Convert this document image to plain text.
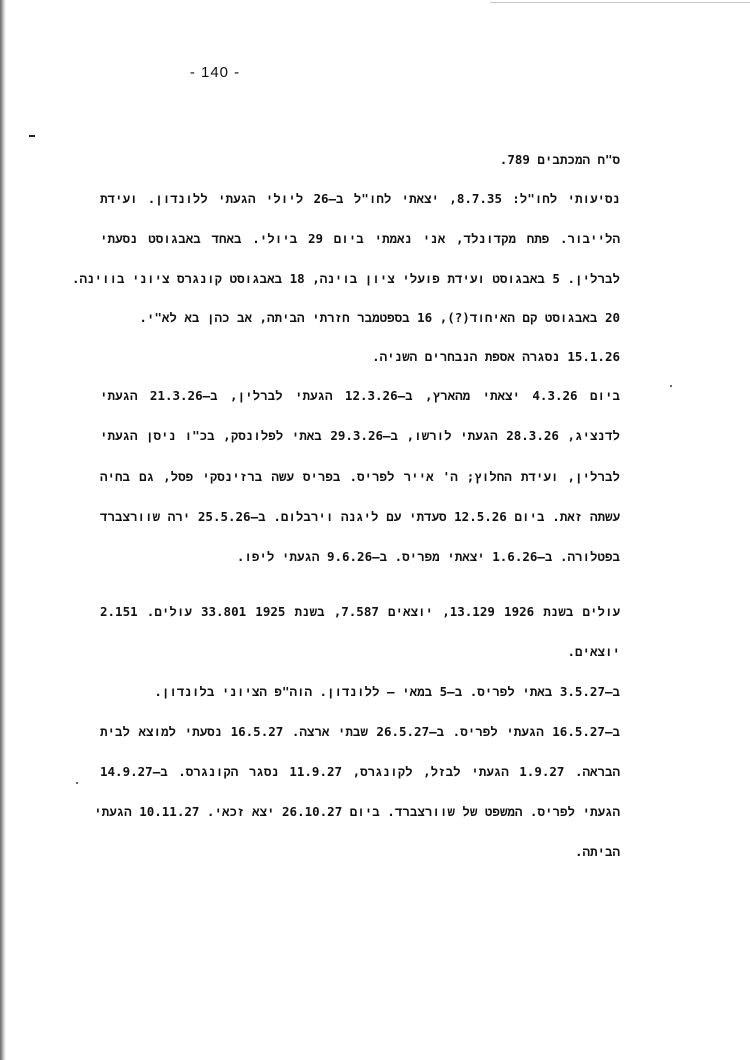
- 140 -
ס"ח המכתבים 789.
נסיעותי לחו"ל: 8.7.35, יצאתי לחו"ל ב–26 ליולי הגעתי ללונדון. ועידת
הלייבור. פתח מקדונלד, אני נאמתי ביום 29 ביולי. באחד באבגוסט נסעתי
לברלין. 5 באבגוסט ועידת פועלי ציון בוינה, 18 באבגוסט קונגרס ציוני בווינה.
20 באבגוסט קם האיחוד(?), 16 בספטמבר חזרתי הביתה, אב כהן בא לא"י.
15.1.26 נסגרה אספת הנבחרים השניה.
ביום 4.3.26 יצאתי מהארץ, ב–12.3.26 הגעתי לברלין, ב–21.3.26 הגעתי
לדנציג, 28.3.26 הגעתי לורשו, ב–29.3.26 באתי לפלונסק, בכ"ו ניסן הגעתי
לברלין, ועידת החלוץ; ה' אייר לפריס. בפריס עשה ברזינסקי פסל, גם בחיה
עשתה זאת. ביום 12.5.26 סעדתי עם ליגנה וירבלום. ב–25.5.26 ירה שוורצברד
בפטלורה. ב–1.6.26 יצאתי מפריס. ב–9.6.26 הגעתי ליפו.
עולים בשנת 1926 13.129, יוצאים 7.587, בשנת 1925 33.801 עולים. 2.151
יוצאים.
ב–3.5.27 באתי לפריס. ב–5 במאי – ללונדון. הוה"פ הציוני בלונדון.
ב–16.5.27 הגעתי לפריס. ב–26.5.27 שבתי ארצה. 16.5.27 נסעתי למוצא לבית
הבראה. 1.9.27 הגעתי לבזל, לקונגרס, 11.9.27 נסגר הקונגרס. ב–14.9.27
הגעתי לפריס. המשפט של שוורצברד. ביום 26.10.27 יצא זכאי. 10.11.27 הגעתי
הביתה.
